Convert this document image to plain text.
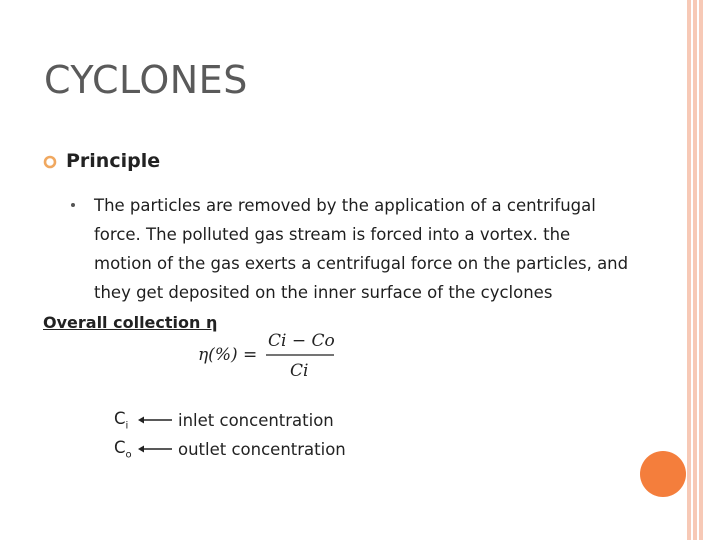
CYCLONES
Principle
The particles are removed by the application of a centrifugal
force. The polluted gas stream is forced into a vortex. the
motion of the gas exerts a centrifugal force on the particles, and
they get deposited on the inner surface of the cyclones
Overall collection η
η(%) =
Ci − Co
Ci
$C_i$	inlet concentration
$C_o$	outlet concentration
